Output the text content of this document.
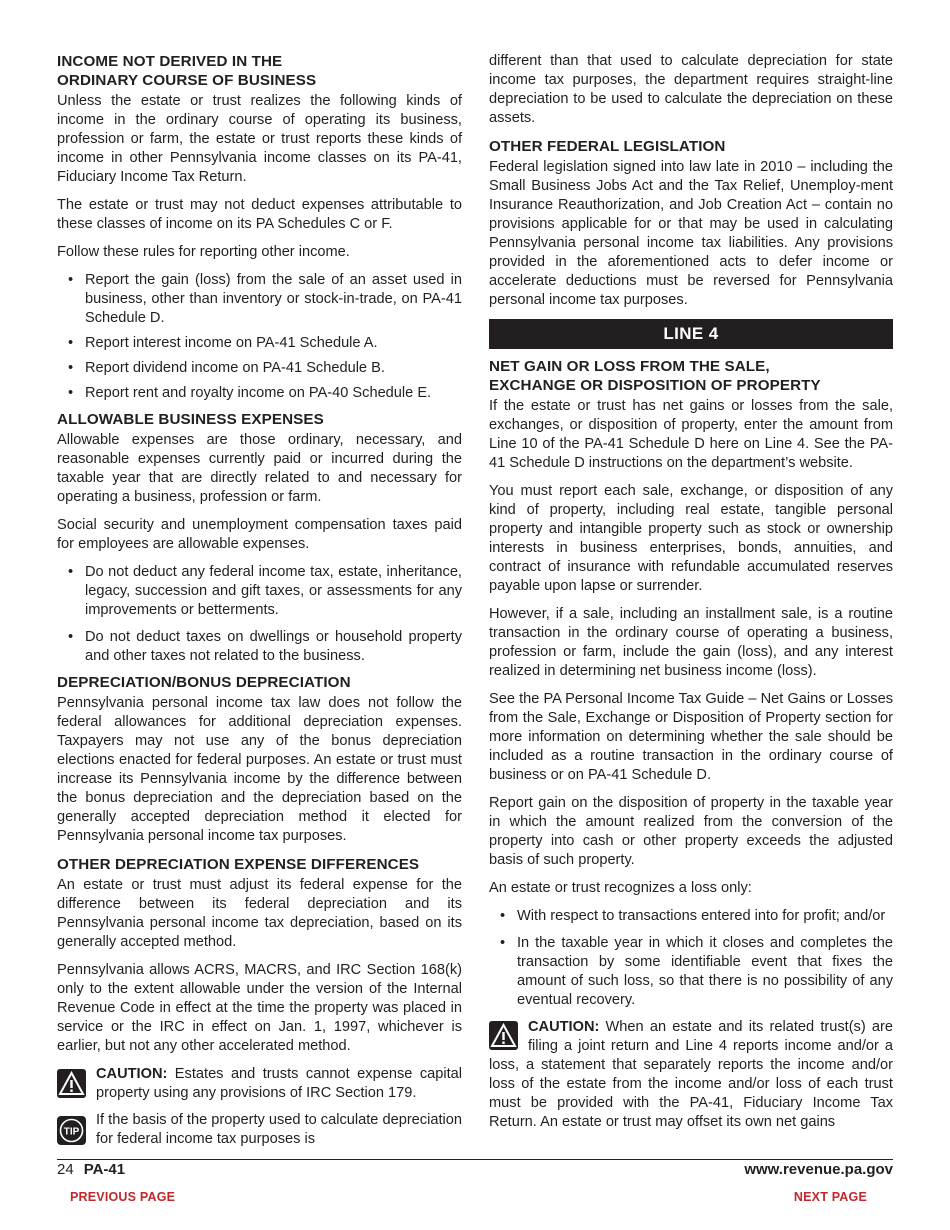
INCOME NOT DERIVED IN THE
ORDINARY COURSE OF BUSINESS

Unless the estate or trust realizes the following kinds of income in the ordinary course of operating its business, profession or farm, the estate or trust reports these kinds of income in other Pennsylvania income classes on its PA-41, Fiduciary Income Tax Return.

The estate or trust may not deduct expenses attributable to these classes of income on its PA Schedules C or F.

Follow these rules for reporting other income.

• Report the gain (loss) from the sale of an asset used in business, other than inventory or stock-in-trade, on PA-41 Schedule D.
• Report interest income on PA-41 Schedule A.
• Report dividend income on PA-41 Schedule B.
• Report rent and royalty income on PA-40 Schedule E.
ALLOWABLE BUSINESS EXPENSES

Allowable expenses are those ordinary, necessary, and reasonable expenses currently paid or incurred during the taxable year that are directly related to and necessary for operating a business, profession or farm.

Social security and unemployment compensation taxes paid for employees are allowable expenses.

• Do not deduct any federal income tax, estate, inheritance, legacy, succession and gift taxes, or assessments for any improvements or betterments.
• Do not deduct taxes on dwellings or household property and other taxes not related to the business.
DEPRECIATION/BONUS DEPRECIATION

Pennsylvania personal income tax law does not follow the federal allowances for additional depreciation expenses. Taxpayers may not use any of the bonus depreciation elections enacted for federal purposes. An estate or trust must increase its Pennsylvania income by the difference between the bonus depreciation and the depreciation based on the generally accepted depreciation method it elected for Pennsylvania personal income tax purposes.

OTHER DEPRECIATION EXPENSE DIFFERENCES

An estate or trust must adjust its federal expense for the difference between its federal depreciation and its Pennsylvania personal income tax depreciation, based on its generally accepted method.

Pennsylvania allows ACRS, MACRS, and IRC Section 168(k) only to the extent allowable under the version of the Internal Revenue Code in effect at the time the property was placed in service or the IRC in effect on Jan. 1, 1997, whichever is earlier, but not any other accelerated method.

CAUTION: Estates and trusts cannot expense capital property using any provisions of IRC Section 179.

TIP

If the basis of the property used to calculate depreciation for federal income tax purposes is

different than that used to calculate depreciation for state income tax purposes, the department requires straight-line depreciation to be used to calculate the depreciation on these assets.

OTHER FEDERAL LEGISLATION

Federal legislation signed into law late in 2010 – including the Small Business Jobs Act and the Tax Relief, Unemploy-ment Insurance Reauthorization, and Job Creation Act – contain no provisions applicable for or that may be used in calculating Pennsylvania personal income tax liabilities. Any provisions provided in the aforementioned acts to defer income or accelerate deductions must be reversed for Pennsylvania personal income tax purposes.

LINE 4
NET GAIN OR LOSS FROM THE SALE,
EXCHANGE OR DISPOSITION OF PROPERTY

If the estate or trust has net gains or losses from the sale, exchanges, or disposition of property, enter the amount from Line 10 of the PA-41 Schedule D here on Line 4. See the PA-41 Schedule D instructions on the department’s website.

You must report each sale, exchange, or disposition of any kind of property, including real estate, tangible personal property and intangible property such as stock or ownership interests in business enterprises, bonds, annuities, and contract of insurance with refundable accumulated reserves payable upon lapse or surrender.

However, if a sale, including an installment sale, is a routine transaction in the ordinary course of operating a business, profession or farm, include the gain (loss), and any interest realized in determining net business income (loss).

See the PA Personal Income Tax Guide – Net Gains or Losses from the Sale, Exchange or Disposition of Property section for more information on determining whether the sale should be included as a routine transaction in the ordinary course of business or on PA-41 Schedule D.

Report gain on the disposition of property in the taxable year in which the amount realized from the conversion of the property into cash or other property exceeds the adjusted basis of such property.

An estate or trust recognizes a loss only:

• With respect to transactions entered into for profit; and/or
• In the taxable year in which it closes and completes the transaction by some identifiable event that fixes the amount of such loss, so that there is no possibility of any eventual recovery.

CAUTION: When an estate and its related trust(s) are filing a joint return and Line 4 reports income and/or a loss, a statement that separately reports the income and/or loss of the estate from the income and/or loss of each trust must be provided with the PA-41, Fiduciary Income Tax Return. An estate or trust may offset its own net gains

24 PA-41	www.revenue.pa.gov
PREVIOUS PAGE	NEXT PAGE
